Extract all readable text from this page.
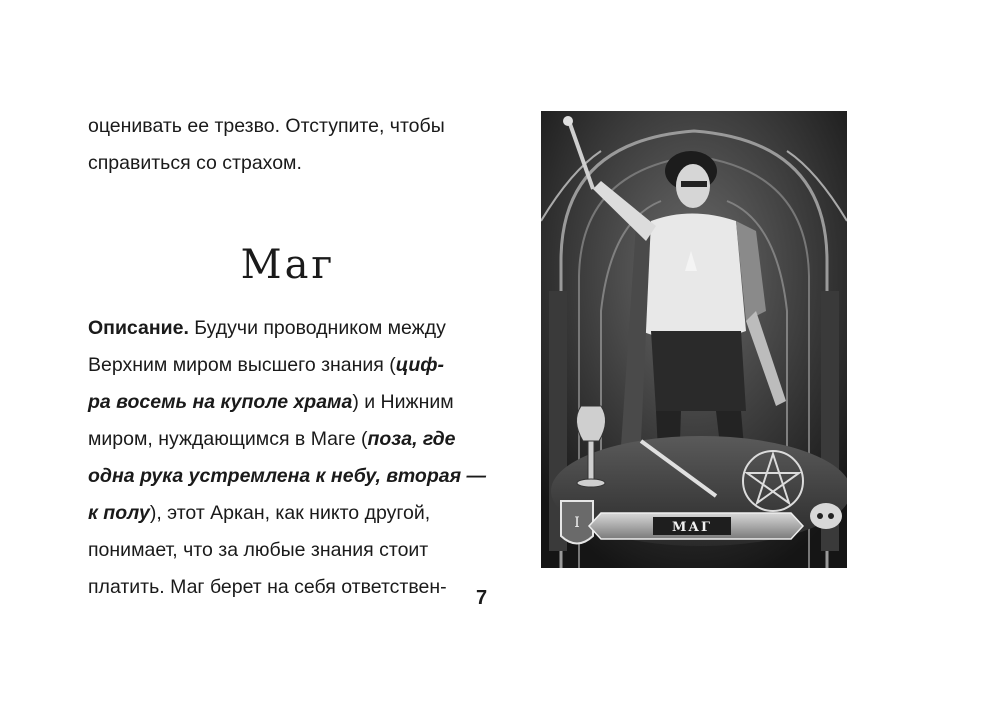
оценивать ее трезво. Отступите, чтобы
справиться со страхом.

Маг

Описание. Будучи проводником между
Верхним миром высшего знания (циф-
ра восемь на куполе храма) и Нижним
миром, нуждающимся в Маге (поза, где
одна рука устремлена к небу, вторая —
к полу), этот Аркан, как никто другой,
понимает, что за любые знания стоит
платить. Маг берет на себя ответствен-	7
I	МАГ
